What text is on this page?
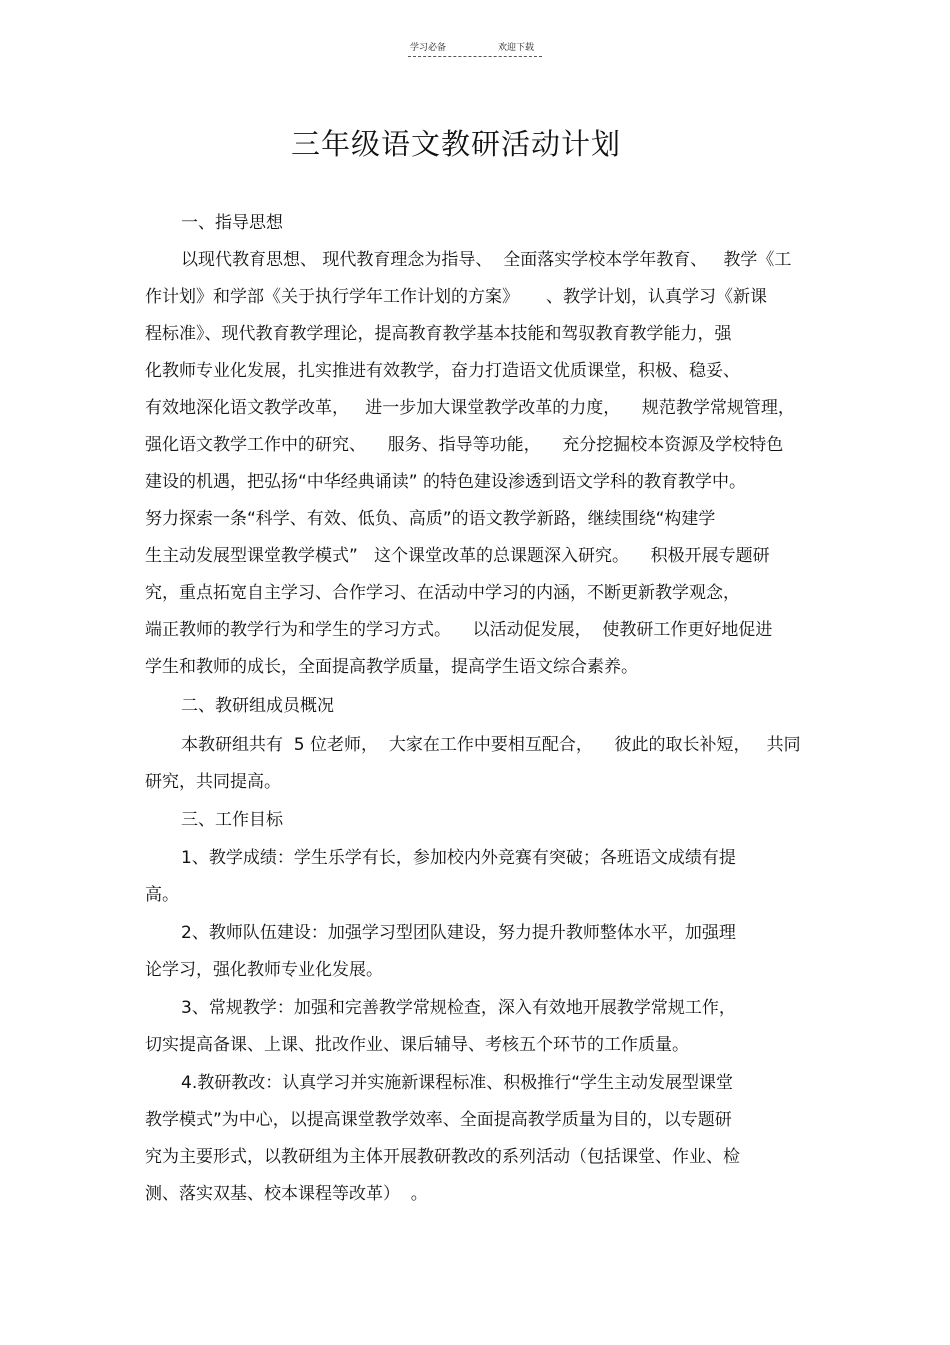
学习必备	欢迎下载
三年级语文教研活动计划
一、指导思想
以现代教育思想、 现代教育理念为指导、  全面落实学校本学年教育、   教学《工
作计划》和学部《关于执行学年工作计划的方案》     、教学计划，认真学习《新课
程标准》、现代教育教学理论，提高教育教学基本技能和驾驭教育教学能力，强
化教师专业化发展，扎实推进有效教学，奋力打造语文优质课堂，积极、稳妥、
有效地深化语文教学改革，   进一步加大课堂教学改革的力度，    规范教学常规管理，
强化语文教学工作中的研究、    服务、指导等功能，    充分挖掘校本资源及学校特色
建设的机遇，把弘扬“中华经典诵读” 的特色建设渗透到语文学科的教育教学中。
努力探索一条“科学、有效、低负、高质”的语文教学新路，继续围绕“构建学
生主动发展型课堂教学模式”   这个课堂改革的总课题深入研究。    积极开展专题研
究，重点拓宽自主学习、合作学习、在活动中学习的内涵，不断更新教学观念，
端正教师的教学行为和学生的学习方式。    以活动促发展，  使教研工作更好地促进
学生和教师的成长，全面提高教学质量，提高学生语文综合素养。
二、教研组成员概况
本教研组共有  5 位老师，  大家在工作中要相互配合，    彼此的取长补短，   共同
研究，共同提高。
三、工作目标
1、教学成绩：学生乐学有长，参加校内外竞赛有突破；各班语文成绩有提
高。
2、教师队伍建设：加强学习型团队建设，努力提升教师整体水平，加强理
论学习，强化教师专业化发展。
3、常规教学：加强和完善教学常规检查，深入有效地开展教学常规工作，
切实提高备课、上课、批改作业、课后辅导、考核五个环节的工作质量。
4.教研教改：认真学习并实施新课程标准、积极推行“学生主动发展型课堂
教学模式”为中心，以提高课堂教学效率、全面提高教学质量为目的，以专题研
究为主要形式，以教研组为主体开展教研教改的系列活动（包括课堂、作业、检
测、落实双基、校本课程等改革）  。
